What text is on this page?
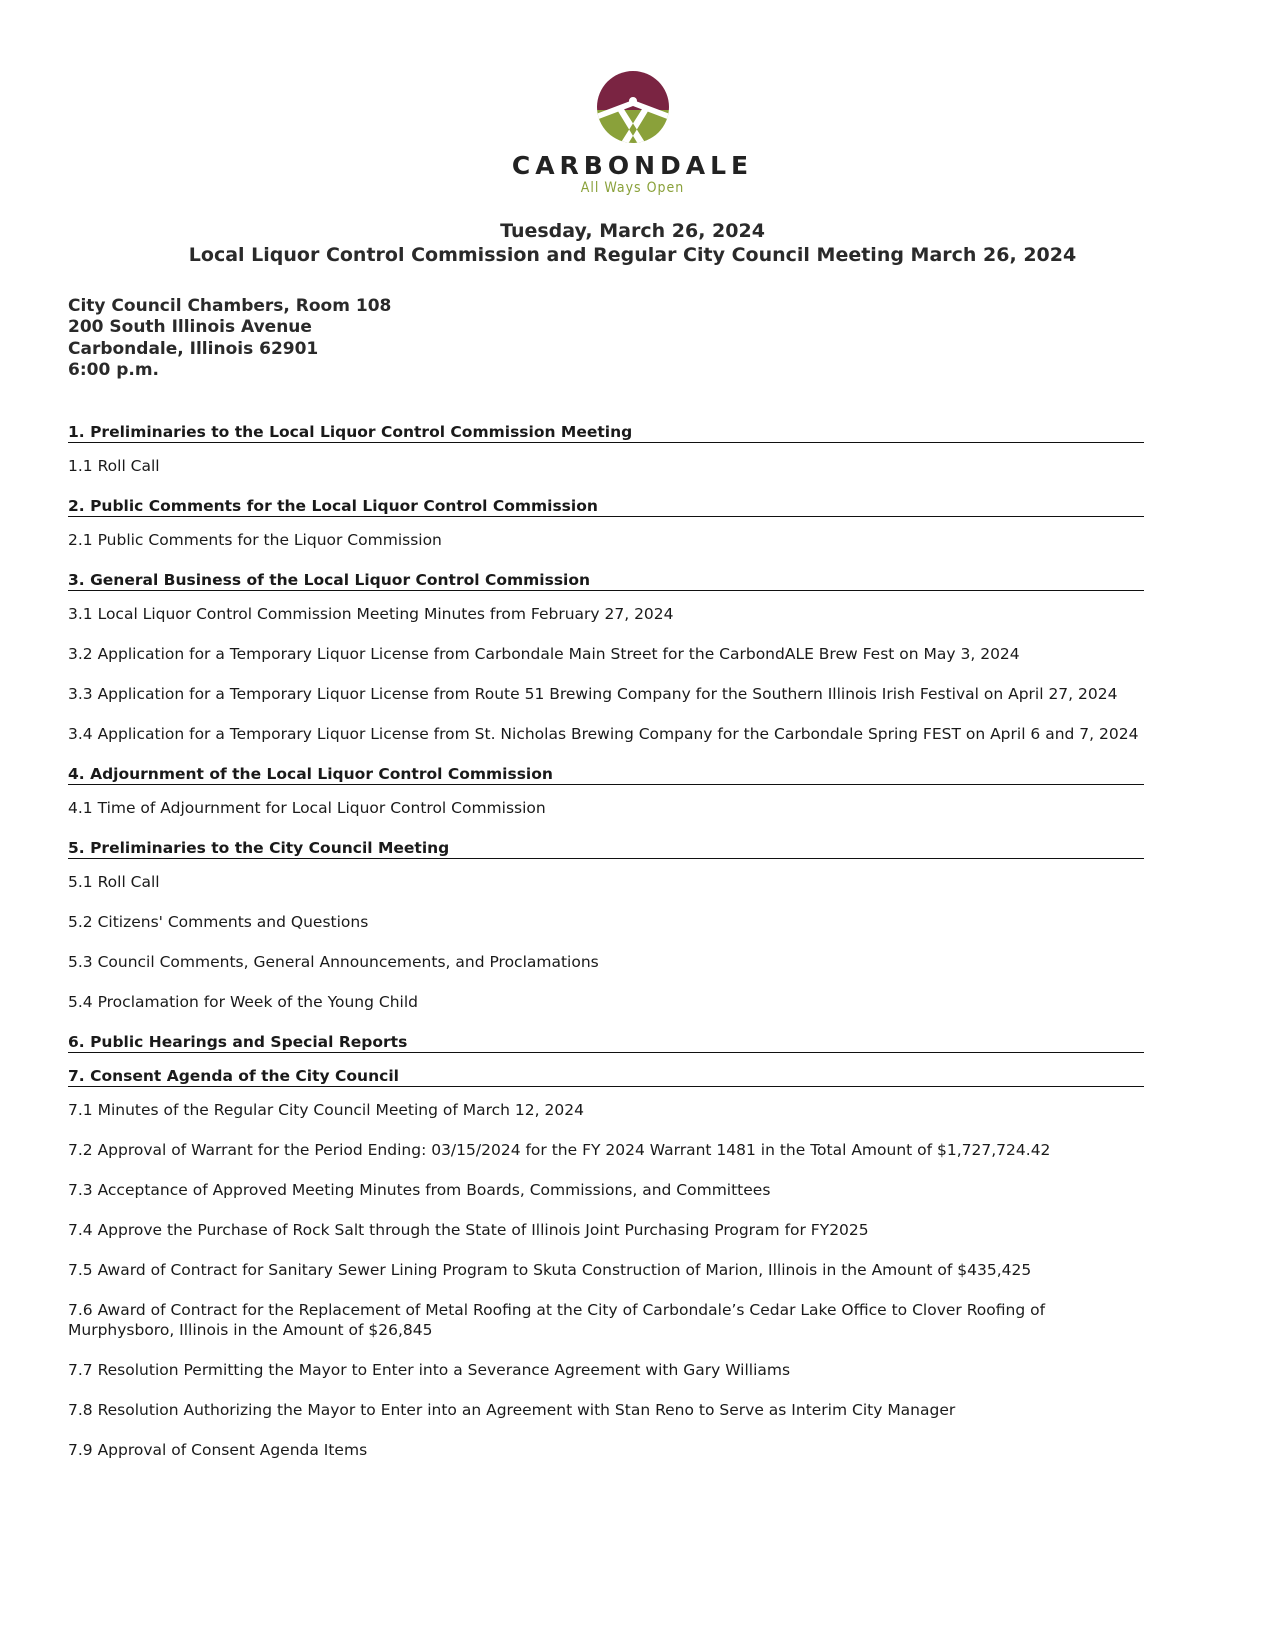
CARBONDALE
All Ways Open
Tuesday, March 26, 2024
Local Liquor Control Commission and Regular City Council Meeting March 26, 2024
City Council Chambers, Room 108
200 South Illinois Avenue
Carbondale, Illinois 62901
6:00 p.m.
1. Preliminaries to the Local Liquor Control Commission Meeting
1.1 Roll Call
2. Public Comments for the Local Liquor Control Commission
2.1 Public Comments for the Liquor Commission
3. General Business of the Local Liquor Control Commission
3.1 Local Liquor Control Commission Meeting Minutes from February 27, 2024
3.2 Application for a Temporary Liquor License from Carbondale Main Street for the CarbondALE Brew Fest on May 3, 2024
3.3 Application for a Temporary Liquor License from Route 51 Brewing Company for the Southern Illinois Irish Festival on April 27, 2024
3.4 Application for a Temporary Liquor License from St. Nicholas Brewing Company for the Carbondale Spring FEST on April 6 and 7, 2024
4. Adjournment of the Local Liquor Control Commission
4.1 Time of Adjournment for Local Liquor Control Commission
5. Preliminaries to the City Council Meeting
5.1 Roll Call
5.2 Citizens' Comments and Questions
5.3 Council Comments, General Announcements, and Proclamations
5.4 Proclamation for Week of the Young Child
6. Public Hearings and Special Reports
7. Consent Agenda of the City Council
7.1 Minutes of the Regular City Council Meeting of March 12, 2024
7.2 Approval of Warrant for the Period Ending: 03/15/2024 for the FY 2024 Warrant 1481 in the Total Amount of $1,727,724.42
7.3 Acceptance of Approved Meeting Minutes from Boards, Commissions, and Committees
7.4 Approve the Purchase of Rock Salt through the State of Illinois Joint Purchasing Program for FY2025
7.5 Award of Contract for Sanitary Sewer Lining Program to Skuta Construction of Marion, Illinois in the Amount of $435,425
7.6 Award of Contract for the Replacement of Metal Roofing at the City of Carbondale’s Cedar Lake Office to Clover Roofing of Murphysboro, Illinois in the Amount of $26,845
7.7 Resolution Permitting the Mayor to Enter into a Severance Agreement with Gary Williams
7.8 Resolution Authorizing the Mayor to Enter into an Agreement with Stan Reno to Serve as Interim City Manager
7.9 Approval of Consent Agenda Items
